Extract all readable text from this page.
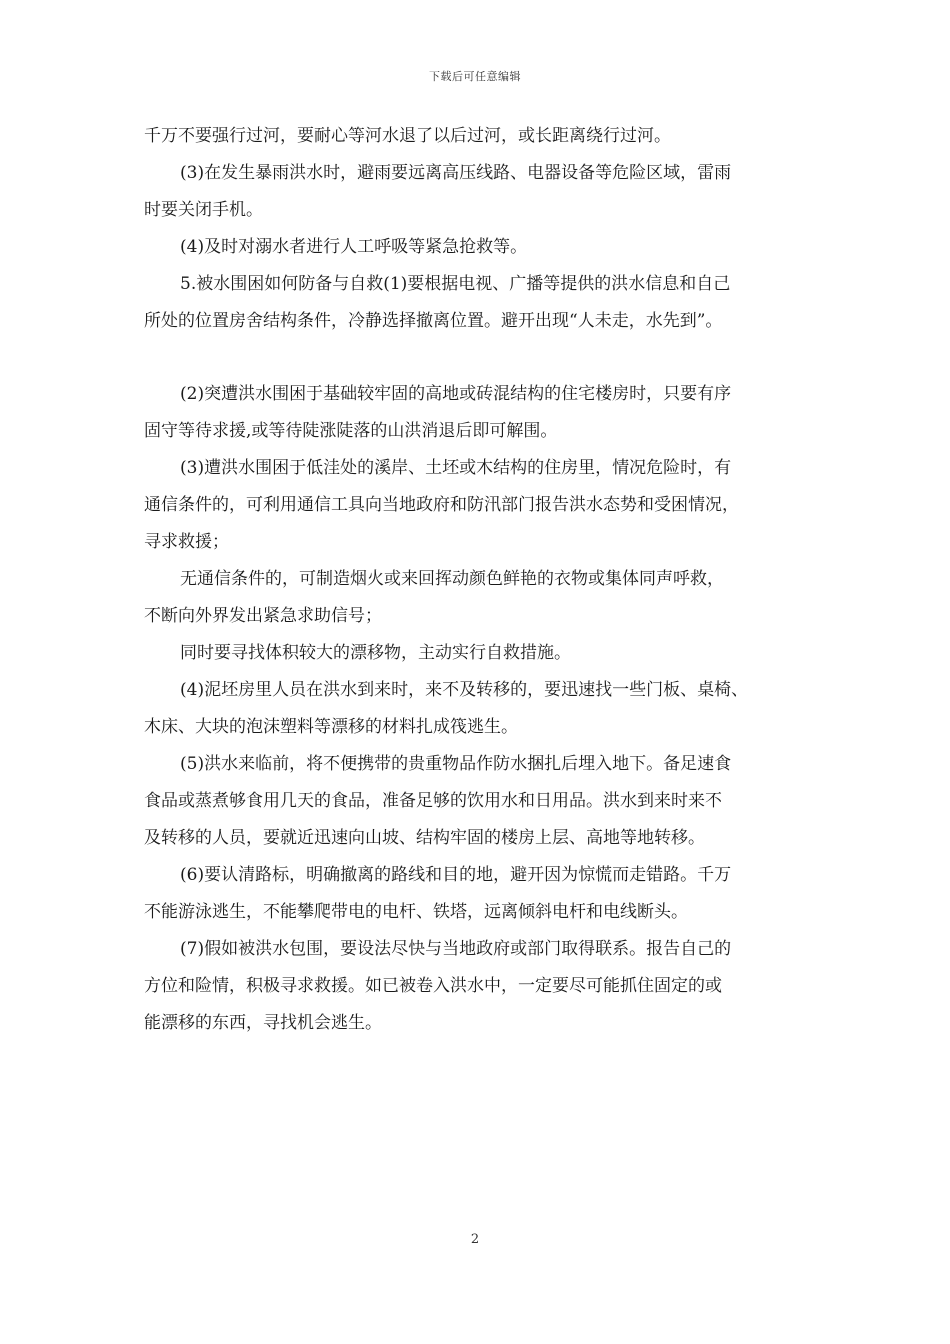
下载后可任意编辑
千万不要强行过河，要耐心等河水退了以后过河，或长距离绕行过河。
(3)在发生暴雨洪水时，避雨要远离高压线路、电器设备等危险区域，雷雨
时要关闭手机。
(4)及时对溺水者进行人工呼吸等紧急抢救等。
5.被水围困如何防备与自救(1)要根据电视、广播等提供的洪水信息和自己
所处的位置房舍结构条件，冷静选择撤离位置。避开出现“人未走，水先到”。
(2)突遭洪水围困于基础较牢固的高地或砖混结构的住宅楼房时，只要有序
固守等待求援,或等待陡涨陡落的山洪消退后即可解围。
(3)遭洪水围困于低洼处的溪岸、土坯或木结构的住房里，情况危险时，有
通信条件的，可利用通信工具向当地政府和防汛部门报告洪水态势和受困情况，
寻求救援；
无通信条件的，可制造烟火或来回挥动颜色鲜艳的衣物或集体同声呼救，
不断向外界发出紧急求助信号；
同时要寻找体积较大的漂移物，主动实行自救措施。
(4)泥坯房里人员在洪水到来时，来不及转移的，要迅速找一些门板、桌椅、
木床、大块的泡沫塑料等漂移的材料扎成筏逃生。
(5)洪水来临前，将不便携带的贵重物品作防水捆扎后埋入地下。备足速食
食品或蒸煮够食用几天的食品，准备足够的饮用水和日用品。洪水到来时来不
及转移的人员，要就近迅速向山坡、结构牢固的楼房上层、高地等地转移。
(6)要认清路标，明确撤离的路线和目的地，避开因为惊慌而走错路。千万
不能游泳逃生，不能攀爬带电的电杆、铁塔，远离倾斜电杆和电线断头。
(7)假如被洪水包围，要设法尽快与当地政府或部门取得联系。报告自己的
方位和险情，积极寻求救援。如已被卷入洪水中，一定要尽可能抓住固定的或
能漂移的东西，寻找机会逃生。
2
